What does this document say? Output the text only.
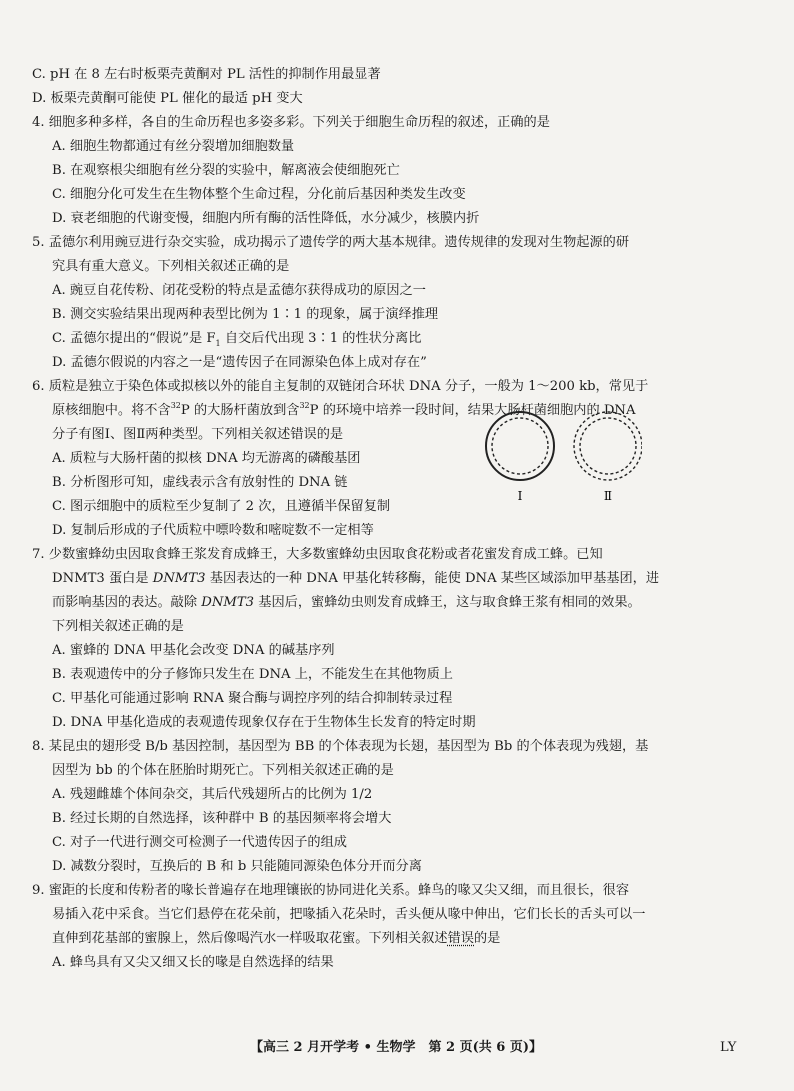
C. pH 在 8 左右时板栗壳黄酮对 PL 活性的抑制作用最显著
D. 板栗壳黄酮可能使 PL 催化的最适 pH 变大
4. 细胞多种多样，各自的生命历程也多姿多彩。下列关于细胞生命历程的叙述，正确的是
A. 细胞生物都通过有丝分裂增加细胞数量
B. 在观察根尖细胞有丝分裂的实验中，解离液会使细胞死亡
C. 细胞分化可发生在生物体整个生命过程，分化前后基因种类发生改变
D. 衰老细胞的代谢变慢，细胞内所有酶的活性降低，水分减少，核膜内折
5. 孟德尔利用豌豆进行杂交实验，成功揭示了遗传学的两大基本规律。遗传规律的发现对生物起源的研
究具有重大意义。下列相关叙述正确的是
A. 豌豆自花传粉、闭花受粉的特点是孟德尔获得成功的原因之一
B. 测交实验结果出现两种表型比例为 1∶1 的现象，属于演绎推理
C. 孟德尔提出的“假说”是 F1 自交后代出现 3∶1 的性状分离比
D. 孟德尔假说的内容之一是“遗传因子在同源染色体上成对存在”
6. 质粒是独立于染色体或拟核以外的能自主复制的双链闭合环状 DNA 分子，一般为 1～200 kb，常见于
原核细胞中。将不含$^{32}$P 的大肠杆菌放到含$^{32}$P 的环境中培养一段时间，结果大肠杆菌细胞内的 DNA
分子有图Ⅰ、图Ⅱ两种类型。下列相关叙述错误的是
A. 质粒与大肠杆菌的拟核 DNA 均无游离的磷酸基团
B. 分析图形可知，虚线表示含有放射性的 DNA 链
C. 图示细胞中的质粒至少复制了 2 次，且遵循半保留复制
D. 复制后形成的子代质粒中嘌呤数和嘧啶数不一定相等
Ⅰ	Ⅱ
7. 少数蜜蜂幼虫因取食蜂王浆发育成蜂王，大多数蜜蜂幼虫因取食花粉或者花蜜发育成工蜂。已知
DNMT3 蛋白是 DNMT3 基因表达的一种 DNA 甲基化转移酶，能使 DNA 某些区域添加甲基基团，进
而影响基因的表达。敲除 DNMT3 基因后，蜜蜂幼虫则发育成蜂王，这与取食蜂王浆有相同的效果。
下列相关叙述正确的是
A. 蜜蜂的 DNA 甲基化会改变 DNA 的碱基序列
B. 表观遗传中的分子修饰只发生在 DNA 上，不能发生在其他物质上
C. 甲基化可能通过影响 RNA 聚合酶与调控序列的结合抑制转录过程
D. DNA 甲基化造成的表观遗传现象仅存在于生物体生长发育的特定时期
8. 某昆虫的翅形受 B/b 基因控制，基因型为 BB 的个体表现为长翅，基因型为 Bb 的个体表现为残翅，基
因型为 bb 的个体在胚胎时期死亡。下列相关叙述正确的是
A. 残翅雌雄个体间杂交，其后代残翅所占的比例为 1/2
B. 经过长期的自然选择，该种群中 B 的基因频率将会增大
C. 对子一代进行测交可检测子一代遗传因子的组成
D. 减数分裂时，互换后的 B 和 b 只能随同源染色体分开而分离
9. 蜜距的长度和传粉者的喙长普遍存在地理镶嵌的协同进化关系。蜂鸟的喙又尖又细，而且很长，很容
易插入花中采食。当它们悬停在花朵前，把喙插入花朵时，舌头便从喙中伸出，它们长长的舌头可以一
直伸到花基部的蜜腺上，然后像喝汽水一样吸取花蜜。下列相关叙述错误的是
A. 蜂鸟具有又尖又细又长的喙是自然选择的结果
【高三 2 月开学考 • 生物学　第 2 页(共 6 页)】	LY
